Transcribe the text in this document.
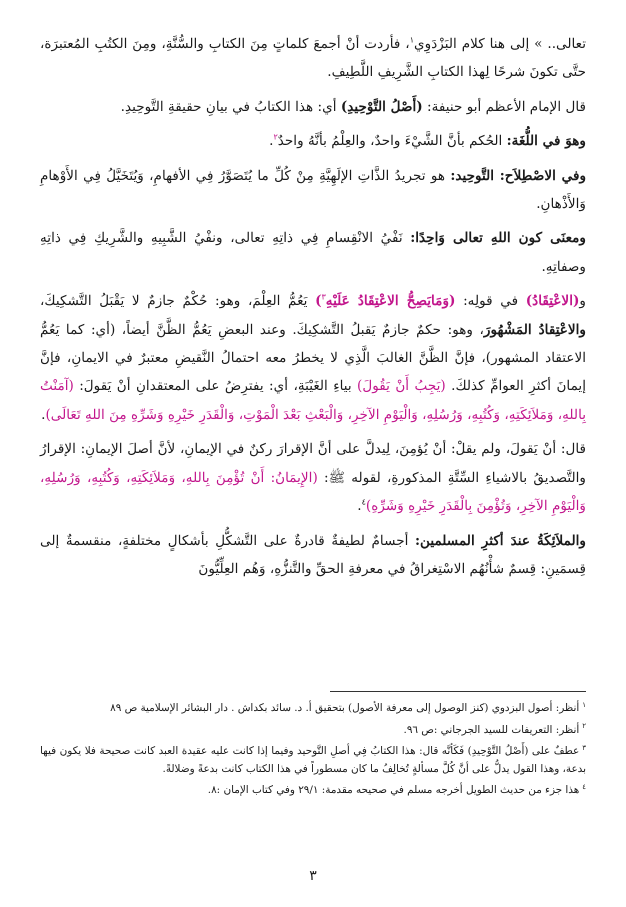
تعالى.. » إلى هنا كلام البَزْدَوِي$^١$، فأردت أنْ أجمعَ كلماتٍ مِنَ الكتابِ والسُّنَّةِ، ومِنَ الكتُبِ المُعتبرَة، حتَّى تكونَ شرحًا لِهذا الكتابِ الشَّرِيفِ اللَّطِيفِ.

قال الإمام الأعظم أبو حنيفة: (أَصْلُ التَّوْحِيدِ) أي: هذا الكتابُ في بيانِ حقيقةِ التَّوحِيدِ.

وهوَ في اللُّغَة: الحُكم بأنَّ الشَّيْءَ واحدٌ، والعِلْمُ بأنَّهُ واحدٌ$^٢$.

وفي الاصْطِلاَح: التَّوحِيد: هو تجريدُ الذَّاتِ الإلَهِيَّةِ مِنْ كُلِّ ما يُتَصَوَّرُ فِي الأفهامِ، وَيُتَخَيَّلُ فِي الأَوْهامِ وَالأَذْهانِ.

ومعنَى كون اللهِ تعالى وَاحِدًا: نَفْيُ الانْقِسامِ فِي ذاتِهِ تعالى، ونفْيُ الشَّبِيهِ والشَّرِيكِ فِي ذاتِهِ وصفاتِهِ.

و(الاعْتِقَادُ) في قولِه: (وَمَايَصِحُّ الاعْتِقَادُ عَلَيْهِ$^٣$) يَعُمُّ العِلْمَ، وهو: حُكْمٌ جازمٌ لا يَقْبَلُ التَّشكِيكَ، والاعْتِقادُ المَشْهُورَ، وهو: حكمٌ جازمٌ يَقبلُ التَّشكِيكَ. وعند البعضِ يَعُمُّ الظَّنَّ أيضاً، (أي: كما يَعُمُّ الاعتقاد المشهور)، فإنَّ الظَّنَّ الغالبَ الَّذِي لا يخطرُ معه احتمالُ النَّقيضِ معتبرٌ في الايمانِ، فإنَّ إيمانَ أكثرِ العوامِّ كذلكَ. (يَجِبُ أَنْ يَقُولَ) بياءِ الغَيْبَةِ، أي: يفترِضُ على المعتقدانِ أنْ يَقولَ: (آمَنْتُ بِاللهِ، وَمَلاَئِكَتِهِ، وَكُتُبِهِ، وَرُسُلِهِ، وَالْيَوْمِ الآخِرِ، وَالْبَعْثِ بَعْدَ الْمَوْتِ، وَالْقَدَرِ خَيْرِهِ وَشَرِّهِ مِنَ اللهِ تَعَالَى).

قال: أنْ يَقولَ، ولم يقلْ: أنْ يُؤمِنَ، لِيدلَّ على أنَّ الإقرارَ ركنٌ في الإيمانِ، لأنَّ أصلَ الإيمانِ: الإقرارُ والتَّصديقُ بالاشياءِ السِّتَّةِ المذكورةِ، لقوله ﷺ: (الإِيمَانُ: أَنْ تُؤْمِنَ بِاللهِ، وَمَلاَئِكَتِهِ، وَكُتُبِهِ، وَرُسُلِهِ، وَالْيَوْمِ الآخِرِ، وَتُؤْمِنَ بِالْقَدَرِ خَيْرِهِ وَشَرِّهِ)$^٤$.

والملاَئِكَةُ عندَ أكثرِ المسلمين: أجسامٌ لطيفةٌ قادرةٌ على التَّشكُّلِ بأشكالٍ مختلفةٍ، منقسمةٌ إلى قِسمَينِ: قِسمٌ شأْنُهُم الاسْتِغراقُ في معرفةِ الحقِّ والتَّنزُّهِ، وَهُم العِلِّيُّونَ

$^١$أنظر: أصول البزدوي (كنز الوصول إلى معرفة الأصول) بتحقيق أ. د. سائد بكداش . دار البشائر الإسلامية ص ٨٩

$^٢$أنظر: التعريفات للسيد الجرجاني :ص ٩٦.

$^٣$عطفٌ على (أَصْلُ التَّوْحِيدِ) فَكَأنَّه قال: هذا الكتابُ فِي أصلِ التَّوحيد وفيما إذا كانت عليه عقيدة العبد كانت صحيحة فلا يكون فيها بدعة، وهذا القول يدلُّ على أنَّ كُلَّ مسألةٍ تُخالِفُ ما كان مسطوراً في هذا الكتاب كانت بدعةً وضلالةً.

$^٤$هذا جزء من حديث الطويل أخرجه مسلم في صحيحه مقدمة: ٢٩/١ وفي كتاب الإمان :٨.

٣
